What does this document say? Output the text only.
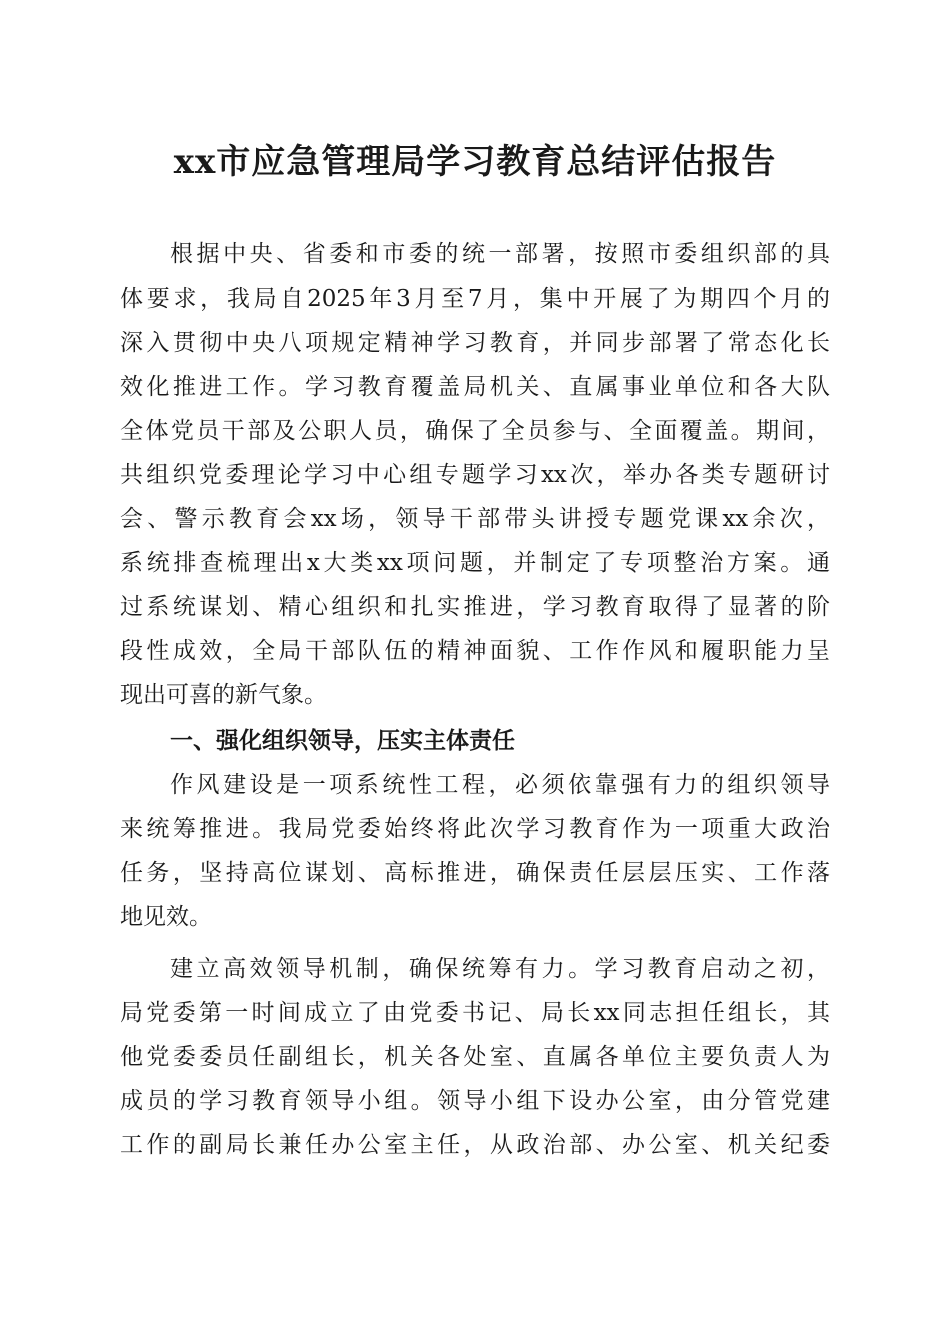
xx市应急管理局学习教育总结评估报告
根据中央、省委和市委的统一部署，按照市委组织部的具
体要求，我局自2025年3月至7月，集中开展了为期四个月的
深入贯彻中央八项规定精神学习教育，并同步部署了常态化长
效化推进工作。学习教育覆盖局机关、直属事业单位和各大队
全体党员干部及公职人员，确保了全员参与、全面覆盖。期间，
共组织党委理论学习中心组专题学习xx次，举办各类专题研讨
会、警示教育会xx场，领导干部带头讲授专题党课xx余次，
系统排查梳理出x大类xx项问题，并制定了专项整治方案。通
过系统谋划、精心组织和扎实推进，学习教育取得了显著的阶
段性成效，全局干部队伍的精神面貌、工作作风和履职能力呈
现出可喜的新气象。
一、强化组织领导，压实主体责任
作风建设是一项系统性工程，必须依靠强有力的组织领导
来统筹推进。我局党委始终将此次学习教育作为一项重大政治
任务，坚持高位谋划、高标推进，确保责任层层压实、工作落
地见效。
建立高效领导机制，确保统筹有力。学习教育启动之初，
局党委第一时间成立了由党委书记、局长xx同志担任组长，其
他党委委员任副组长，机关各处室、直属各单位主要负责人为
成员的学习教育领导小组。领导小组下设办公室，由分管党建
工作的副局长兼任办公室主任，从政治部、办公室、机关纪委
